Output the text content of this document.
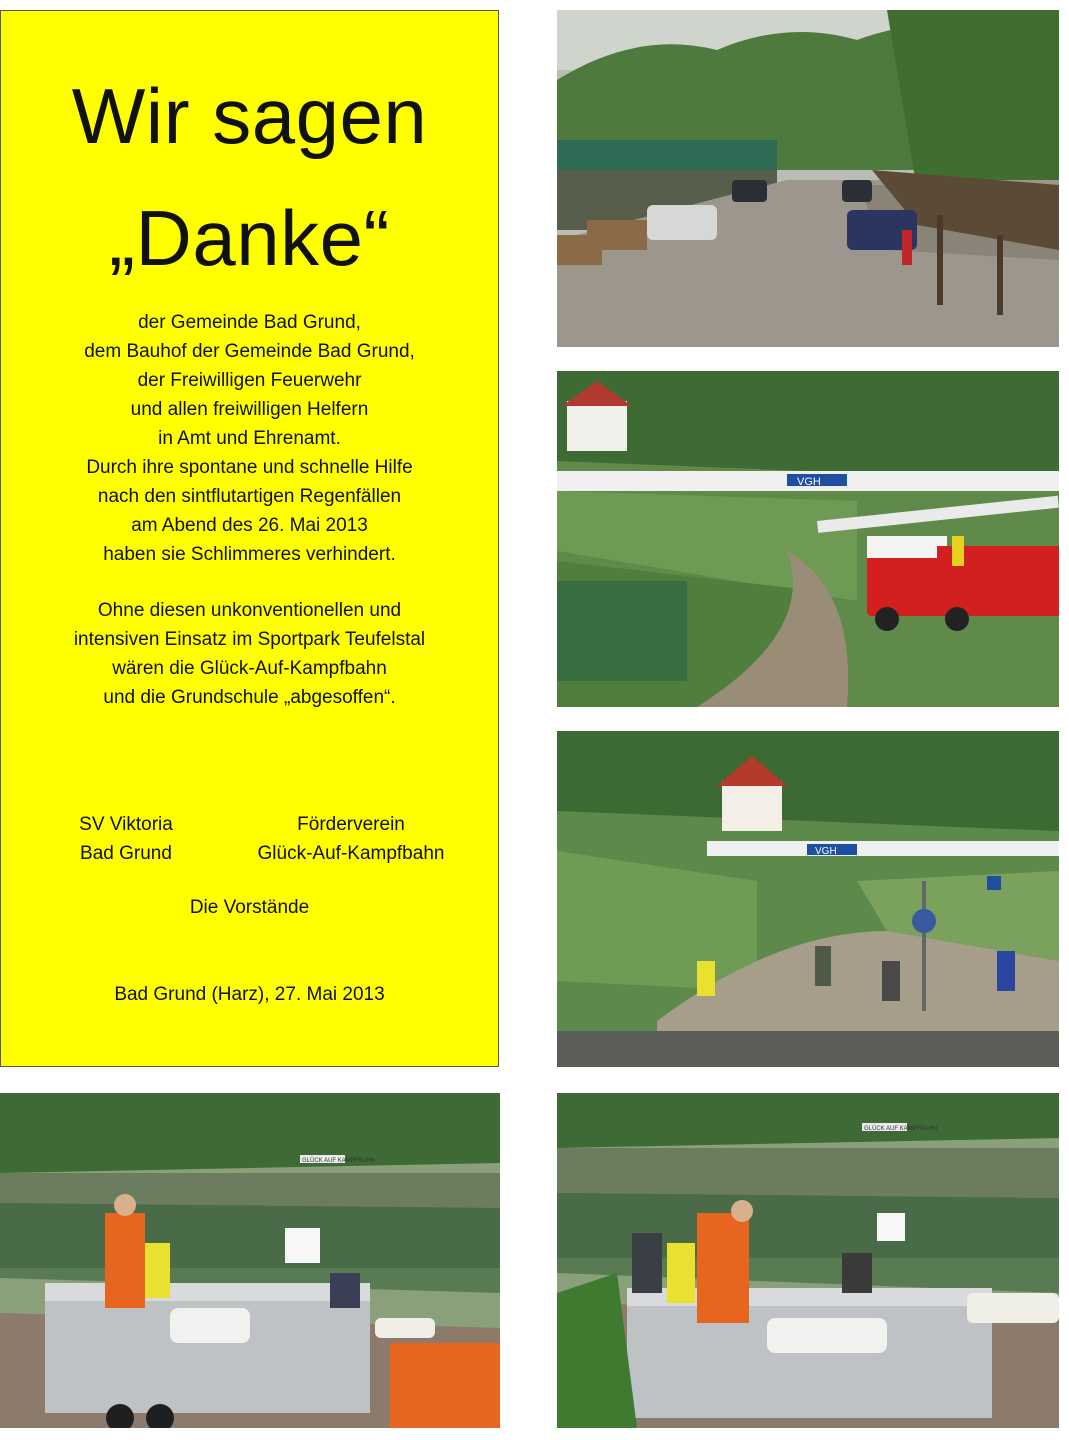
Wir sagen
„Danke“
der Gemeinde Bad Grund,
dem Bauhof der Gemeinde Bad Grund,
der Freiwilligen Feuerwehr
und allen freiwilligen Helfern
in Amt und Ehrenamt.
Durch ihre spontane und schnelle Hilfe
nach den sintflutartigen Regenfällen
am Abend des 26. Mai 2013
haben sie Schlimmeres verhindert.
Ohne diesen unkonventionellen und
intensiven Einsatz im Sportpark Teufelstal
wären die Glück-Auf-Kampfbahn
und die Grundschule „abgesoffen“.
SV Viktoria
Bad Grund
Förderverein
Glück-Auf-Kampfbahn
Die Vorstände
Bad Grund (Harz), 27. Mai 2013
VGH
VGH
GLÜCK AUF KAMPFBAHN
GLÜCK AUF KAMPFBAHN
